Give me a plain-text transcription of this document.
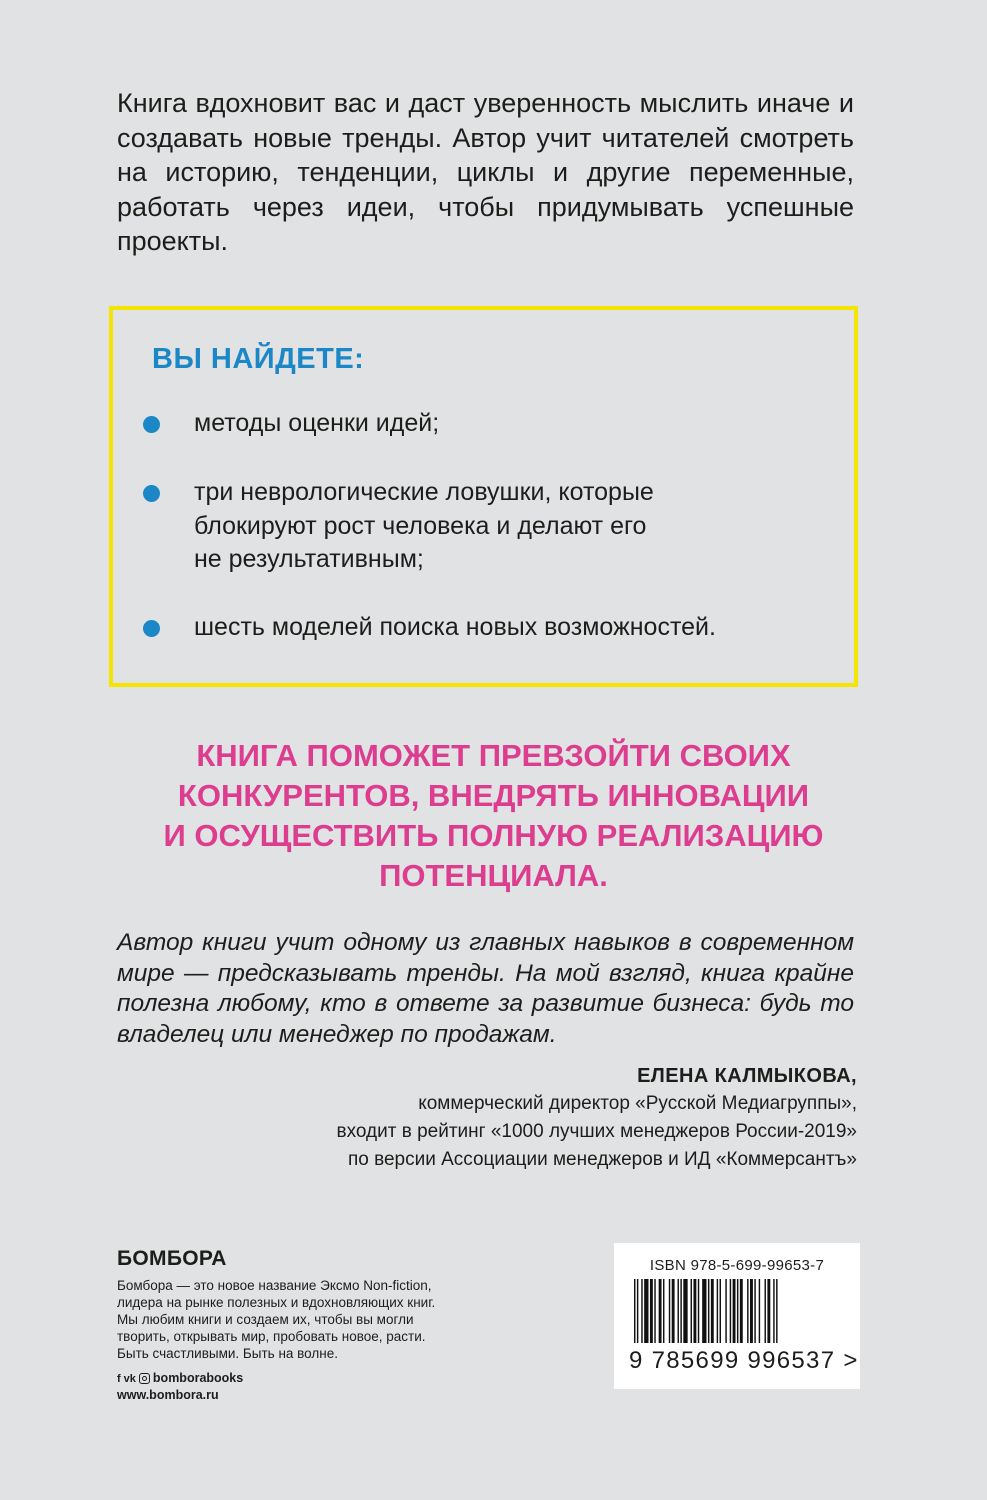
Книга вдохновит вас и даст уверенность мыслить иначе и создавать новые тренды. Автор учит читателей смотреть на историю, тенденции, циклы и другие переменные, работать через идеи, чтобы придумывать успешные проекты.

ВЫ НАЙДЕТЕ:
методы оценки идей;
три неврологические ловушки, которые
блокируют рост человека и делают его
не результативным;
шесть моделей поиска новых возможностей.
КНИГА ПОМОЖЕТ ПРЕВЗОЙТИ СВОИХ
КОНКУРЕНТОВ, ВНЕДРЯТЬ ИННОВАЦИИ
И ОСУЩЕСТВИТЬ ПОЛНУЮ РЕАЛИЗАЦИЮ
ПОТЕНЦИАЛА.

Автор книги учит одному из главных навыков в современном мире — предсказывать тренды. На мой взгляд, книга крайне полезна любому, кто в ответе за развитие бизнеса: будь то владелец или менеджер по продажам.

ЕЛЕНА КАЛМЫКОВА,
коммерческий директор «Русской Медиагруппы»,
входит в рейтинг «1000 лучших менеджеров России-2019»
по версии Ассоциации менеджеров и ИД «Коммерсантъ»
БОМБОРА

Бомбора — это новое название Эксмо Non-fiction,
лидера на рынке полезных и вдохновляющих книг.
Мы любим книги и создаем их, чтобы вы могли
творить, открывать мир, пробовать новое, расти.
Быть счастливыми. Быть на волне.

f vk bomborabooks
www.bombora.ru
ISBN 978-5-699-99653-7
9 785699 996537 >
